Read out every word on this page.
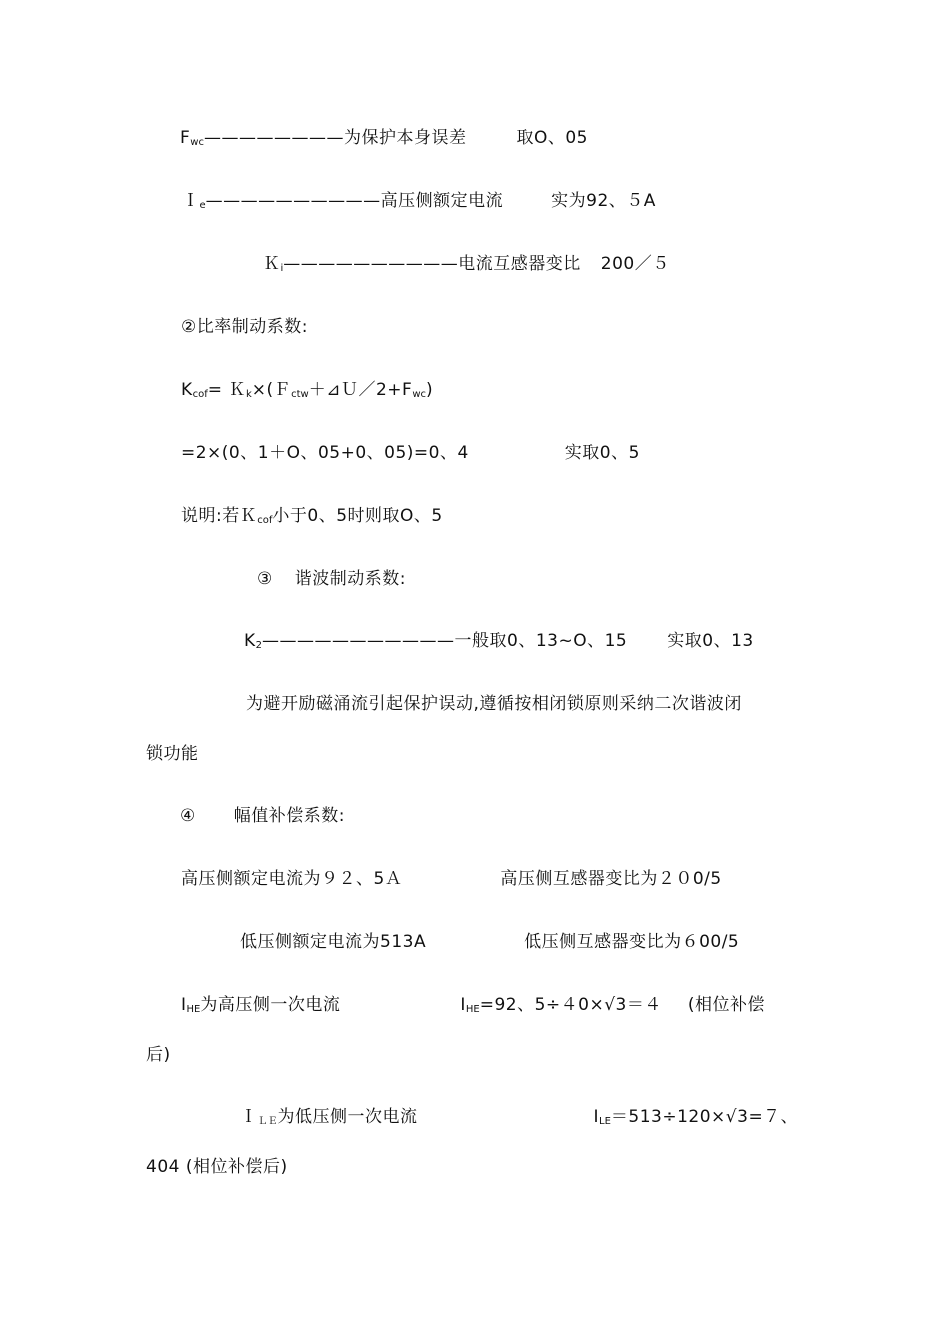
$F_{wc}————————$为保护本身误差	取O、05
Ｉ$_e$——————————高压侧额定电流	实为92、５A
Ｋ$_i$——————————电流互感器变比 200／５
②比率制动系数:
$K_{cof}=$ $K_k\times(F_{ctw}+⊿U/2+F_{wc})$
=2×(0、1＋O、05+0、05)=0、4	实取0、5
说明:若Ｋ$_{cof}$小于0、5时则取O、5
③ 谐波制动系数:
$K_2———————————$一般取0、13~O、15 实取0、13
为避开励磁涌流引起保护误动,遵循按相闭锁原则采纳二次谐波闭
锁功能
④ 幅值补偿系数:
高压侧额定电流为９２、5Ａ	高压侧互感器变比为２０0/5
低压侧额定电流为513A	低压侧互感器变比为６00/5
$I_{HE}$为高压侧一次电流	$I_{HE}=92$、5÷４0×√3＝４ (相位补偿
后)
Ｉ$_{LE}$为低压侧一次电流	$I_{LE}=513\div 120\times√3=7$、
404 (相位补偿后)
